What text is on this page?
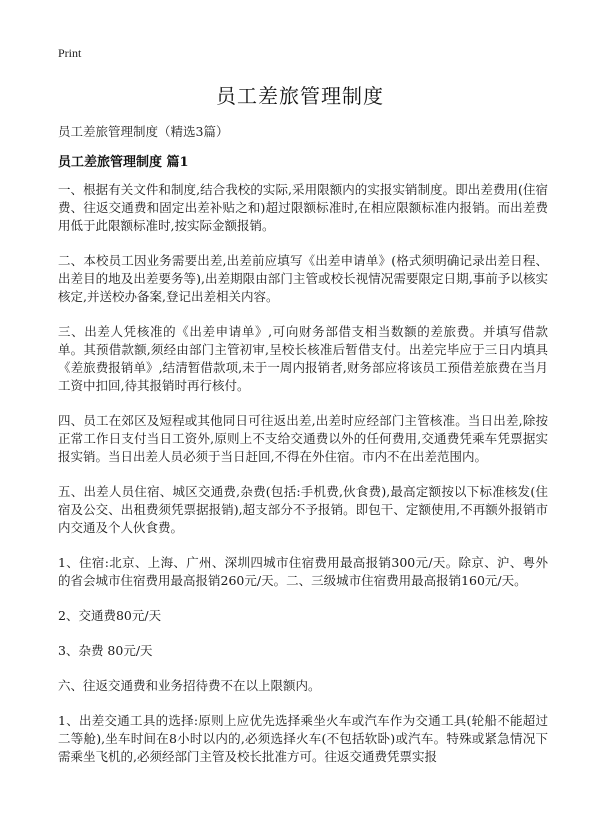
Print
员工差旅管理制度
员工差旅管理制度（精选3篇）
员工差旅管理制度 篇1

一、根据有关文件和制度,结合我校的实际,采用限额内的实报实销制度。即出差费用(住宿费、往返交通费和固定出差补贴之和)超过限额标准时,在相应限额标准内报销。而出差费用低于此限额标准时,按实际金额报销。

二、本校员工因业务需要出差,出差前应填写《出差申请单》(格式须明确记录出差日程、出差目的地及出差要务等),出差期限由部门主管或校长视情况需要限定日期,事前予以核实核定,并送校办备案,登记出差相关内容。

三、出差人凭核准的《出差申请单》,可向财务部借支相当数额的差旅费。并填写借款单。其预借款额,须经由部门主管初审,呈校长核准后暂借支付。出差完毕应于三日内填具《差旅费报销单》,结清暂借款项,未于一周内报销者,财务部应将该员工预借差旅费在当月工资中扣回,待其报销时再行核付。

四、员工在郊区及短程或其他同日可往返出差,出差时应经部门主管核准。当日出差,除按正常工作日支付当日工资外,原则上不支给交通费以外的任何费用,交通费凭乘车凭票据实报实销。当日出差人员必须于当日赶回,不得在外住宿。市内不在出差范围内。

五、出差人员住宿、城区交通费,杂费(包括:手机费,伙食费),最高定额按以下标准核发(住宿及公交、出租费须凭票据报销),超支部分不予报销。即包干、定额使用,不再额外报销市内交通及个人伙食费。

1、住宿:北京、上海、广州、深圳四城市住宿费用最高报销300元/天。除京、沪、粤外的省会城市住宿费用最高报销260元/天。二、三级城市住宿费用最高报销160元/天。

2、交通费80元/天

3、杂费 80元/天

六、往返交通费和业务招待费不在以上限额内。

1、出差交通工具的选择:原则上应优先选择乘坐火车或汽车作为交通工具(轮船不能超过二等舱),坐车时间在8小时以内的,必须选择火车(不包括软卧)或汽车。特殊或紧急情况下需乘坐飞机的,必须经部门主管及校长批准方可。往返交通费凭票实报
